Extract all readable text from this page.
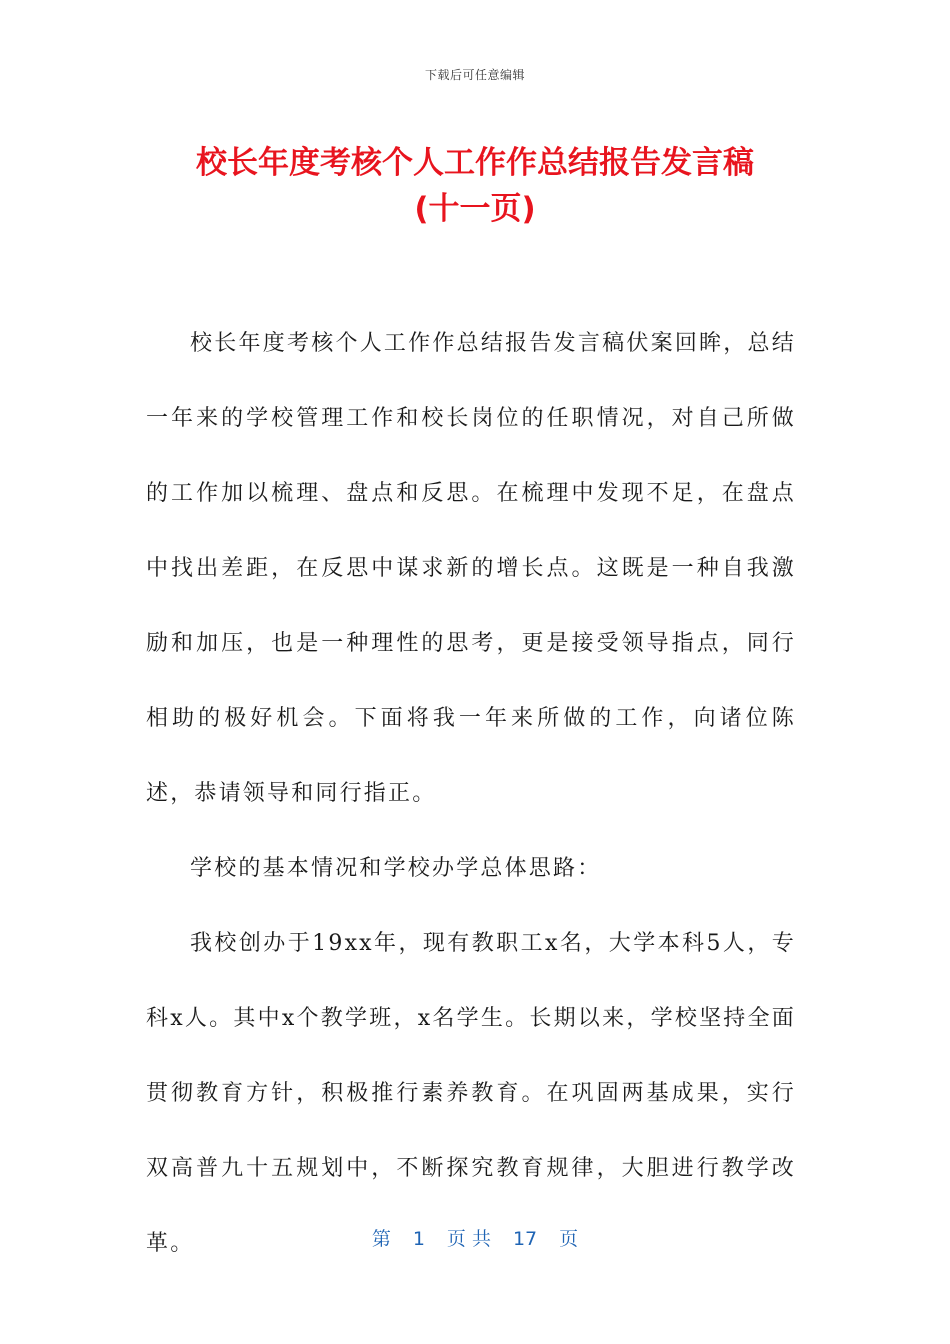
下载后可任意编辑
校长年度考核个人工作作总结报告发言稿
(十一页)

校长年度考核个人工作作总结报告发言稿伏案回眸，总结一年来的学校管理工作和校长岗位的任职情况，对自己所做的工作加以梳理、盘点和反思。在梳理中发现不足，在盘点中找出差距，在反思中谋求新的增长点。这既是一种自我激励和加压，也是一种理性的思考，更是接受领导指点，同行相助的极好机会。下面将我一年来所做的工作，向诸位陈述，恭请领导和同行指正。

学校的基本情况和学校办学总体思路：

我校创办于19xx年，现有教职工x名，大学本科5人，专科x人。其中x个教学班，x名学生。长期以来，学校坚持全面贯彻教育方针，积极推行素养教育。在巩固两基成果，实行双高普九十五规划中，不断探究教育规律，大胆进行教学改革。	第 1 页 共 17 页
